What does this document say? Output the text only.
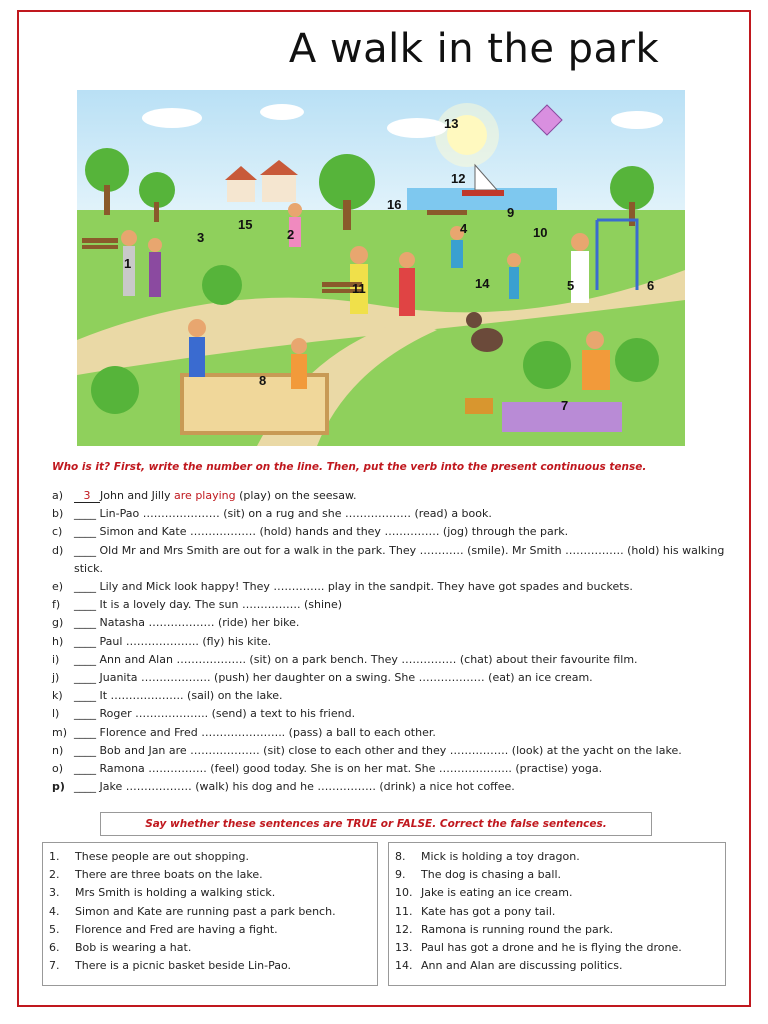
A walk in the park
1
2
3
4
5	6
7
8
9
10
11
12
13
14
15
16
Who is it? First, write the number on the line. Then, put the verb into the present continuous tense.
a)	3 John and Jilly are playing (play) on the seesaw.
b) ____ Lin-Pao ………………… (sit) on a rug and she ……………… (read) a book.
c)	____ Simon and Kate ……………… (hold) hands and they …………… (jog) through the park.
d) ____ Old Mr and Mrs Smith are out for a walk in the park. They ………… (smile). Mr Smith ……………. (hold) his walking stick.
e) ____ Lily and Mick look happy! They ………….. play in the sandpit. They have got spades and buckets.
f)	____ It is a lovely day. The sun ……………. (shine)
g) ____ Natasha ……………… (ride) her bike.
h) ____ Paul ……………….. (fly) his kite.
i)	____ Ann and Alan ………………. (sit) on a park bench. They …………… (chat) about their favourite film.
j)	____ Juanita ………………. (push) her daughter on a swing. She ……………… (eat) an ice cream.
k)	____ It ……………….. (sail) on the lake.
l)	____ Roger ……………….. (send) a text to his friend.
m) ____ Florence and Fred ………………….. (pass) a ball to each other.
n) ____ Bob and Jan are ………………. (sit) close to each other and they ……………. (look) at the yacht on the lake.
o) ____ Ramona ……………. (feel) good today. She is on her mat. She ……………….. (practise) yoga.
p) ____ Jake ……………… (walk) his dog and he ……………. (drink) a nice hot coffee.
Say whether these sentences are TRUE or FALSE. Correct the false sentences.
1.	These people are out shopping.
2.	There are three boats on the lake.
3.	Mrs Smith is holding a walking stick.
4.	Simon and Kate are running past a park bench.
5.	Florence and Fred are having a fight.
6.	Bob is wearing a hat.
7.	There is a picnic basket beside Lin-Pao.
8.	Mick is holding a toy dragon.
9.	The dog is chasing a ball.
10. Jake is eating an ice cream.
11. Kate has got a pony tail.
12. Ramona is running round the park.
13. Paul has got a drone and he is flying the drone.
14. Ann and Alan are discussing politics.
